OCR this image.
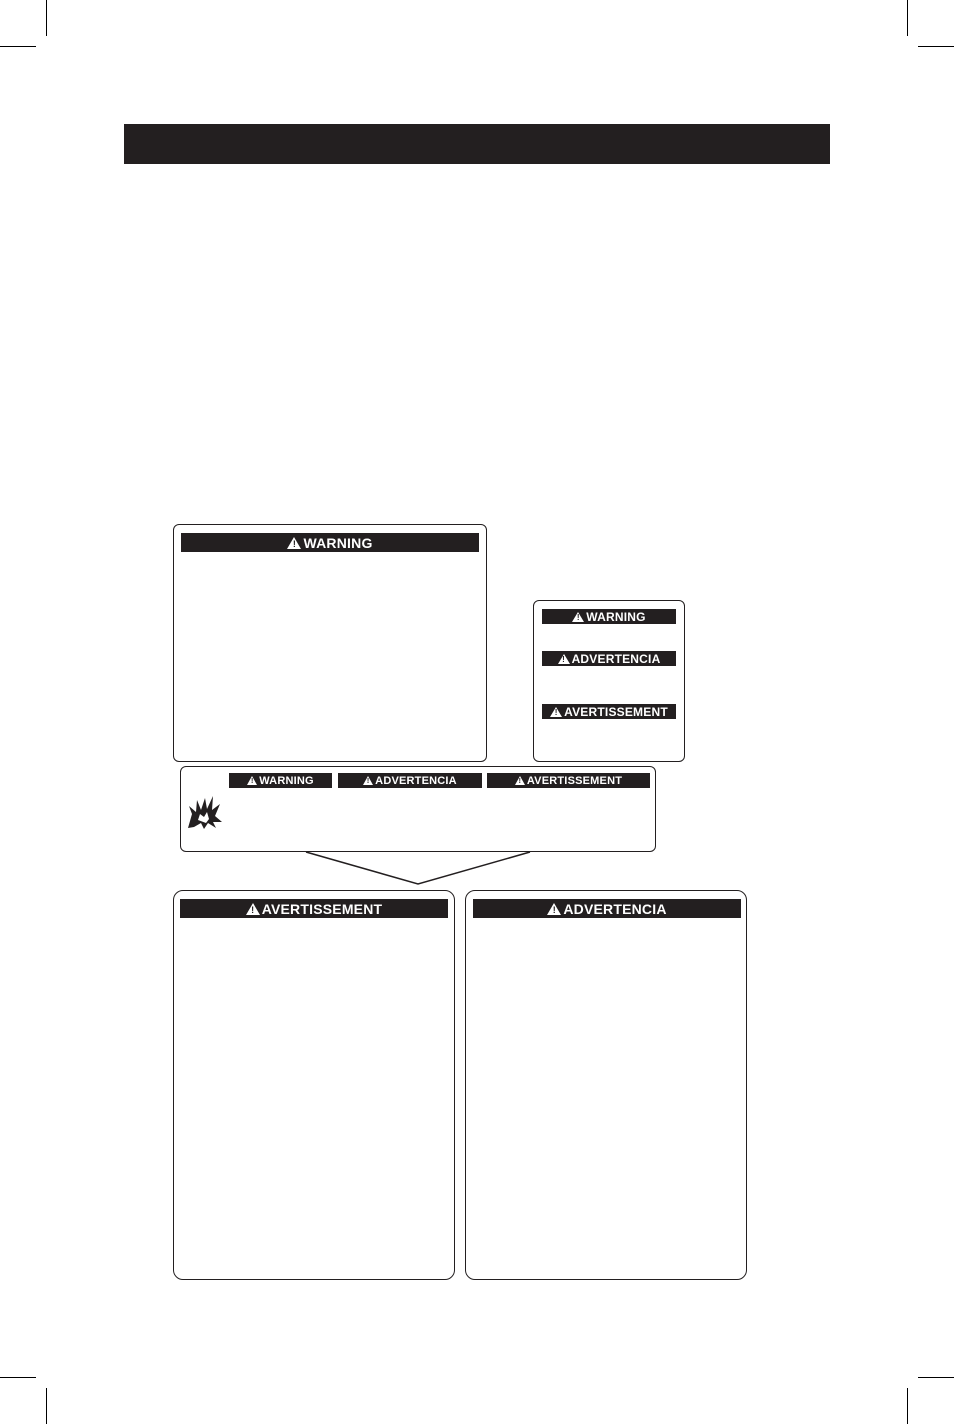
!
WARNING
!
WARNING
!
ADVERTENCIA
!
AVERTISSEMENT
!
WARNING !	ADVERTENCIA !	AVERTISSEMENT
!
AVERTISSEMENT !	ADVERTENCIA
